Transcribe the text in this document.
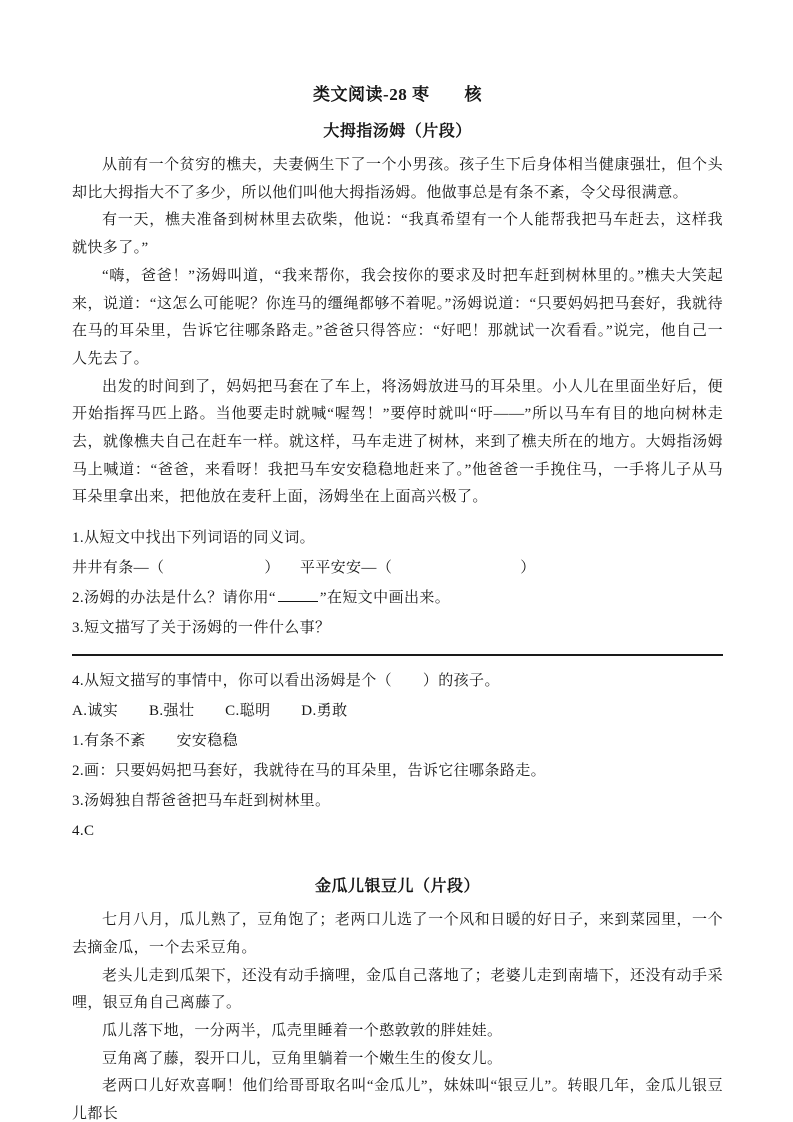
类文阅读-28 枣　　核
大拇指汤姆（片段）

从前有一个贫穷的樵夫，夫妻俩生下了一个小男孩。孩子生下后身体相当健康强壮，但个头却比大拇指大不了多少，所以他们叫他大拇指汤姆。他做事总是有条不紊，令父母很满意。

有一天，樵夫准备到树林里去砍柴，他说：“我真希望有一个人能帮我把马车赶去，这样我就快多了。”

“嗨，爸爸！”汤姆叫道，“我来帮你，我会按你的要求及时把车赶到树林里的。”樵夫大笑起来，说道：“这怎么可能呢？你连马的缰绳都够不着呢。”汤姆说道：“只要妈妈把马套好，我就待在马的耳朵里，告诉它往哪条路走。”爸爸只得答应：“好吧！那就试一次看看。”说完，他自己一人先去了。

出发的时间到了，妈妈把马套在了车上，将汤姆放进马的耳朵里。小人儿在里面坐好后，便开始指挥马匹上路。当他要走时就喊“喔驾！”要停时就叫“吁——”所以马车有目的地向树林走去，就像樵夫自己在赶车一样。就这样，马车走进了树林，来到了樵夫所在的地方。大姆指汤姆马上喊道：“爸爸，来看呀！我把马车安安稳稳地赶来了。”他爸爸一手挽住马，一手将儿子从马耳朵里拿出来，把他放在麦秆上面，汤姆坐在上面高兴极了。

1.从短文中找出下列词语的同义词。
井井有条—（	） 平平安安—（	）
2.汤姆的办法是什么？请你用“	”在短文中画出来。
3.短文描写了关于汤姆的一件什么事？
4.从短文描写的事情中，你可以看出汤姆是个（　　）的孩子。
A.诚实　　B.强壮　　C.聪明　　D.勇敢
1.有条不紊　　安安稳稳
2.画：只要妈妈把马套好，我就待在马的耳朵里，告诉它往哪条路走。
3.汤姆独自帮爸爸把马车赶到树林里。
4.C
金瓜儿银豆儿（片段）

七月八月，瓜儿熟了，豆角饱了；老两口儿选了一个风和日暖的好日子，来到菜园里，一个去摘金瓜，一个去采豆角。

老头儿走到瓜架下，还没有动手摘哩，金瓜自己落地了；老婆儿走到南墙下，还没有动手采哩，银豆角自己离藤了。

瓜儿落下地，一分两半，瓜壳里睡着一个憨敦敦的胖娃娃。

豆角离了藤，裂开口儿，豆角里躺着一个嫩生生的俊女儿。

老两口儿好欢喜啊！他们给哥哥取名叫“金瓜儿”，妹妹叫“银豆儿”。转眼几年，金瓜儿银豆儿都长
